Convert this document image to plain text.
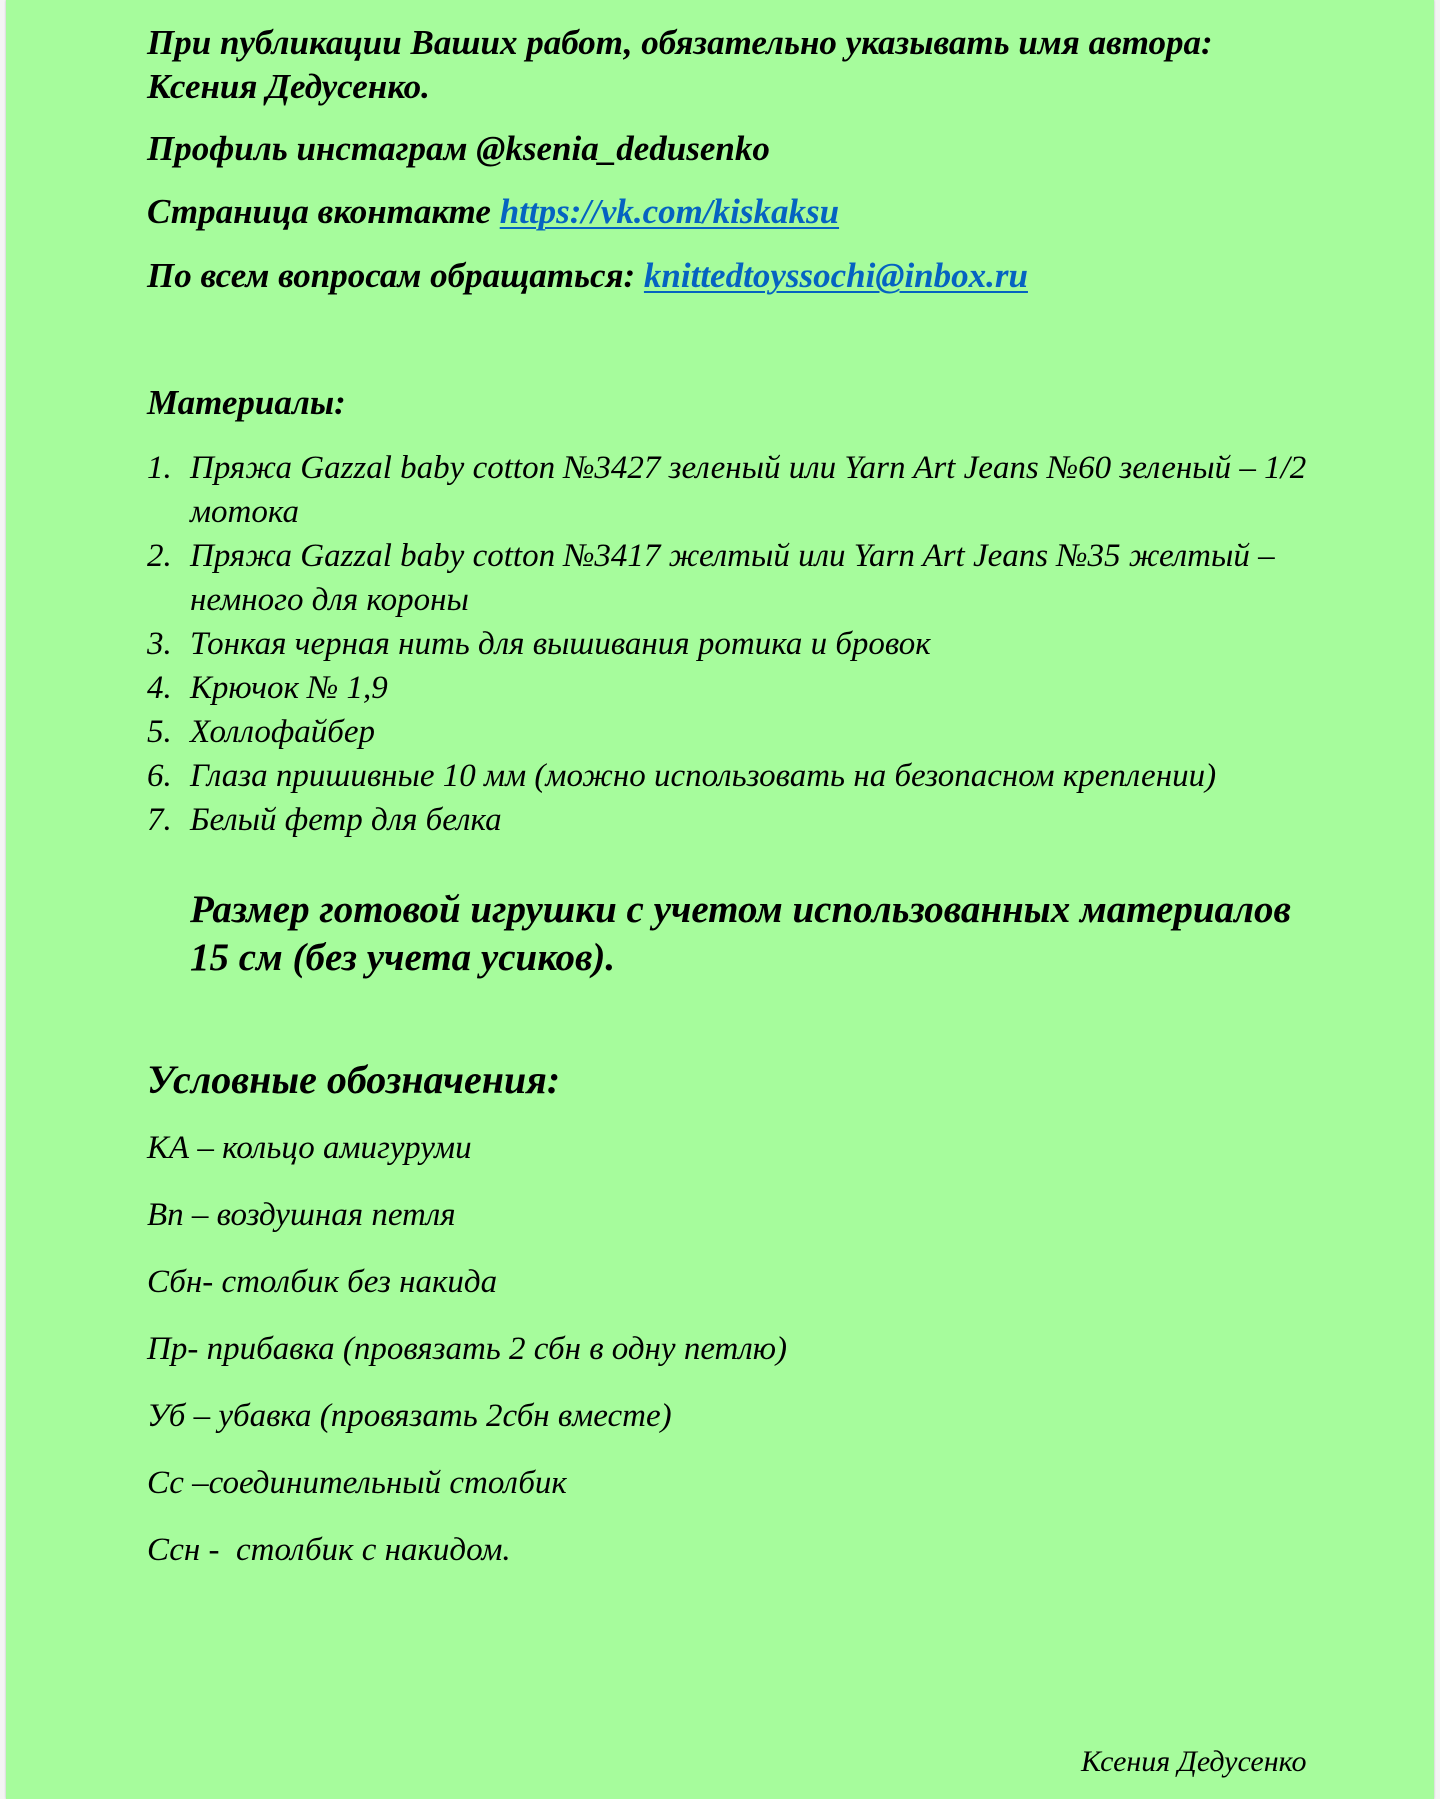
При публикации Ваших работ, обязательно указывать имя автора:
Ксения Дедусенко.
Профиль инстаграм @ksenia_dedusenko
Страница вконтакте https://vk.com/kiskaksu
По всем вопросам обращаться: knittedtoyssochi@inbox.ru
Материалы:
1. Пряжа Gazzal baby cotton №3427 зеленый или Yarn Art Jeans №60 зеленый – 1/2 мотока
2. Пряжа Gazzal baby cotton №3417 желтый или Yarn Art Jeans №35 желтый – немного для короны
3. Тонкая черная нить для вышивания ротика и бровок
4. Крючок № 1,9
5. Холлофайбер
6. Глаза пришивные 10 мм (можно использовать на безопасном креплении)
7. Белый фетр для белка
Размер готовой игрушки с учетом использованных материалов 15 см (без учета усиков).
Условные обозначения:
КА – кольцо амигуруми
Вп – воздушная петля
Сбн- столбик без накида
Пр- прибавка (провязать 2 сбн в одну петлю)
Уб – убавка (провязать 2сбн вместе)
Сс –соединительный столбик
Ссн -  столбик с накидом.
Ксения Дедусенко
